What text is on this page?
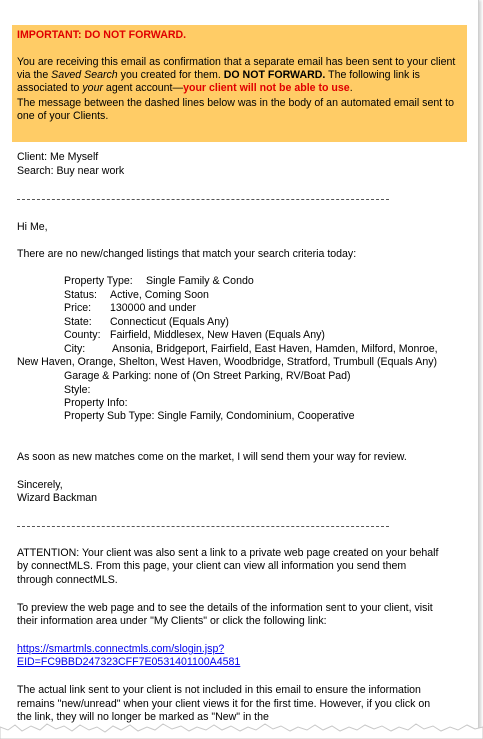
IMPORTANT: DO NOT FORWARD.

You are receiving this email as confirmation that a separate email has been sent to your client via the Saved Search you created for them. DO NOT FORWARD. The following link is associated to your agent account—your client will not be able to use.

The message between the dashed lines below was in the body of an automated email sent to one of your Clients.

Client: Me Myself

Search: Buy near work

Hi Me,

There are no new/changed listings that match your search criteria today:

Property Type: Single Family & Condo
Status: Active, Coming Soon
Price: 130000 and under
State: Connecticut (Equals Any)
County: Fairfield, Middlesex, New Haven (Equals Any)
City:	Ansonia, Bridgeport, Fairfield, East Haven, Hamden, Milford, Monroe,

New Haven, Orange, Shelton, West Haven, Woodbridge, Stratford, Trumbull (Equals Any)

Garage & Parking: none of (On Street Parking, RV/Boat Pad)
Style:
Property Info:
Property Sub Type: Single Family, Condominium, Cooperative

As soon as new matches come on the market, I will send them your way for review.

Sincerely,

Wizard Backman

ATTENTION: Your client was also sent a link to a private web page created on your behalf

by connectMLS. From this page, your client can view all information you send them

through connectMLS.

To preview the web page and to see the details of the information sent to your client, visit

their information area under "My Clients" or click the following link:

https://smartmls.connectmls.com/slogin.jsp?
EID=FC9BBD247323CFF7E0531401100A4581

The actual link sent to your client is not included in this email to ensure the information

remains "new/unread" when your client views it for the first time. However, if you click on

the link, they will no longer be marked as "New" in the
